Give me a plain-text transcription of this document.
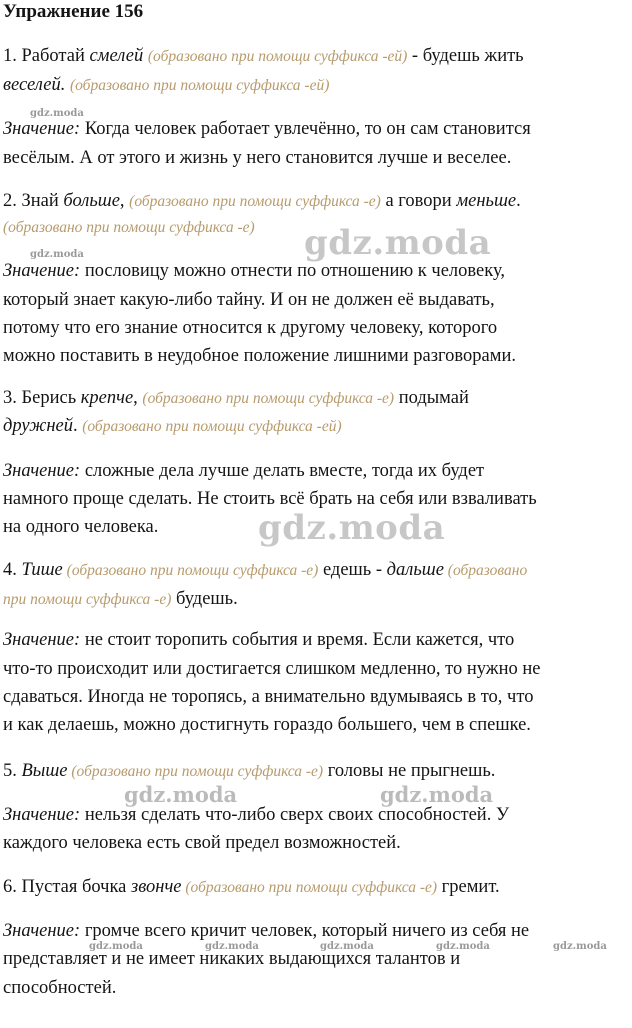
Упражнение 156
1. Работай смелей (образовано при помощи суффикса -ей) - будешь жить
веселей. (образовано при помощи суффикса -ей)
Значение: Когда человек работает увлечённо, то он сам становится
весёлым. А от этого и жизнь у него становится лучше и веселее.
2. Знай больше, (образовано при помощи суффикса -е) а говори меньше.
(образовано при помощи суффикса -е)
Значение: пословицу можно отнести по отношению к человеку,
который знает какую-либо тайну. И он не должен её выдавать,
потому что его знание относится к другому человеку, которого
можно поставить в неудобное положение лишними разговорами.
3. Берись крепче, (образовано при помощи суффикса -е) подымай
дружней. (образовано при помощи суффикса -ей)
Значение: сложные дела лучше делать вместе, тогда их будет
намного проще сделать. Не стоить всё брать на себя или взваливать
на одного человека.
4. Тише (образовано при помощи суффикса -е) едешь - дальше (образовано
при помощи суффикса -е) будешь.
Значение: не стоит торопить события и время. Если кажется, что
что-то происходит или достигается слишком медленно, то нужно не
сдаваться. Иногда не торопясь, а внимательно вдумываясь в то, что
и как делаешь, можно достигнуть гораздо большего, чем в спешке.
5. Выше (образовано при помощи суффикса -е) головы не прыгнешь.
Значение: нельзя сделать что-либо сверх своих способностей. У
каждого человека есть свой предел возможностей.
6. Пустая бочка звонче (образовано при помощи суффикса -е) гремит.
Значение: громче всего кричит человек, который ничего из себя не
представляет и не имеет никаких выдающихся талантов и
способностей.
gdz.moda
gdz.moda	gdz.moda
gdz.moda
gdz.moda	gdz.moda
gdz.moda	gdz.moda	gdz.moda	gdz.moda	gdz.moda
